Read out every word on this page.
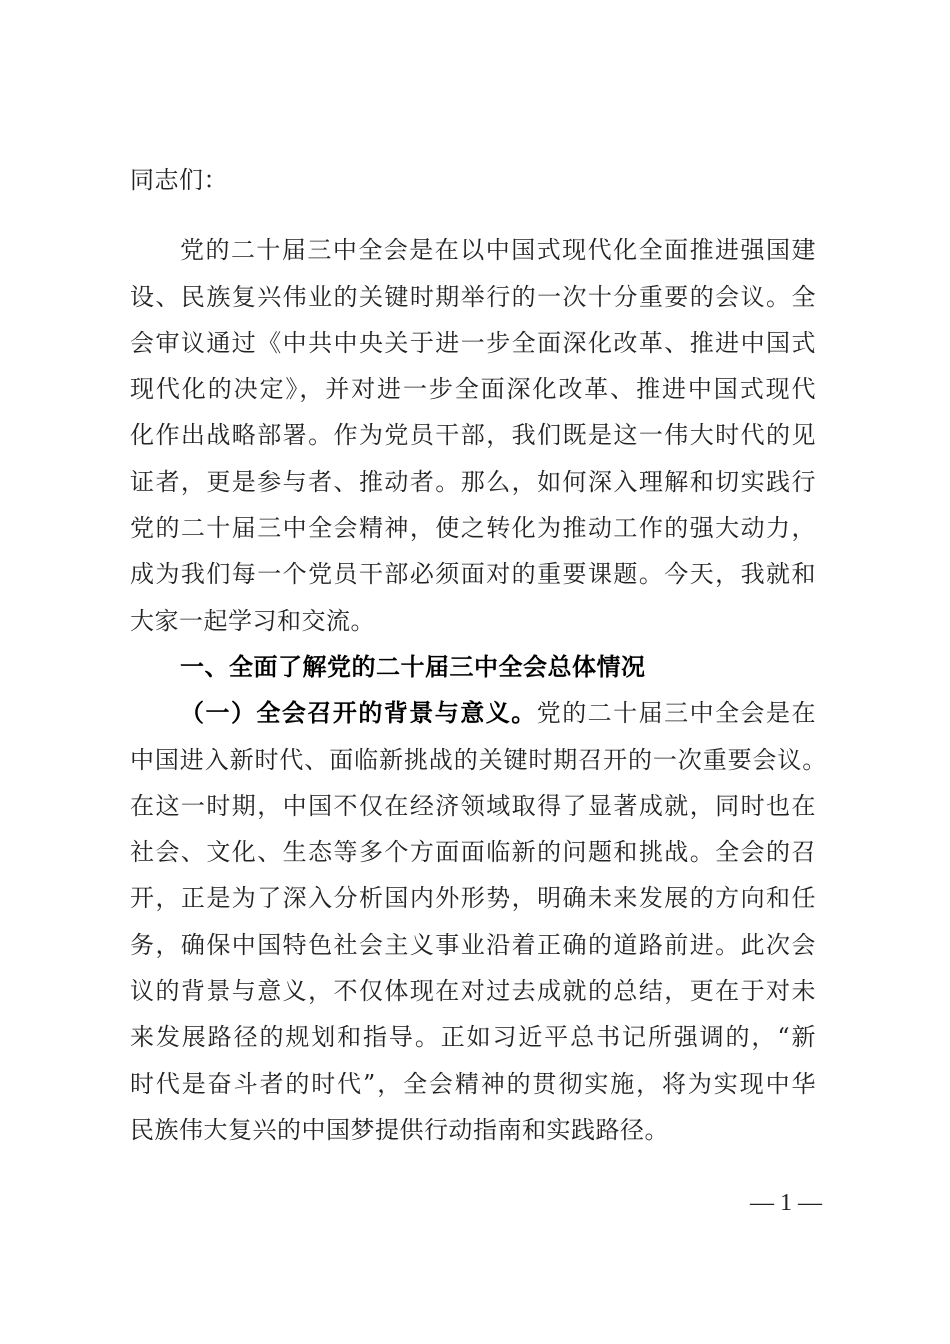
同志们：
党的二十届三中全会是在以中国式现代化全面推进强国建
设、民族复兴伟业的关键时期举行的一次十分重要的会议。全
会审议通过《中共中央关于进一步全面深化改革、推进中国式
现代化的决定》，并对进一步全面深化改革、推进中国式现代
化作出战略部署。作为党员干部，我们既是这一伟大时代的见
证者，更是参与者、推动者。那么，如何深入理解和切实践行
党的二十届三中全会精神，使之转化为推动工作的强大动力，
成为我们每一个党员干部必须面对的重要课题。今天，我就和
大家一起学习和交流。
一、全面了解党的二十届三中全会总体情况
（一）全会召开的背景与意义。党的二十届三中全会是在
中国进入新时代、面临新挑战的关键时期召开的一次重要会议。
在这一时期，中国不仅在经济领域取得了显著成就，同时也在
社会、文化、生态等多个方面面临新的问题和挑战。全会的召
开，正是为了深入分析国内外形势，明确未来发展的方向和任
务，确保中国特色社会主义事业沿着正确的道路前进。此次会
议的背景与意义，不仅体现在对过去成就的总结，更在于对未
来发展路径的规划和指导。正如习近平总书记所强调的，“新
时代是奋斗者的时代”，全会精神的贯彻实施，将为实现中华
民族伟大复兴的中国梦提供行动指南和实践路径。
— 1 —
